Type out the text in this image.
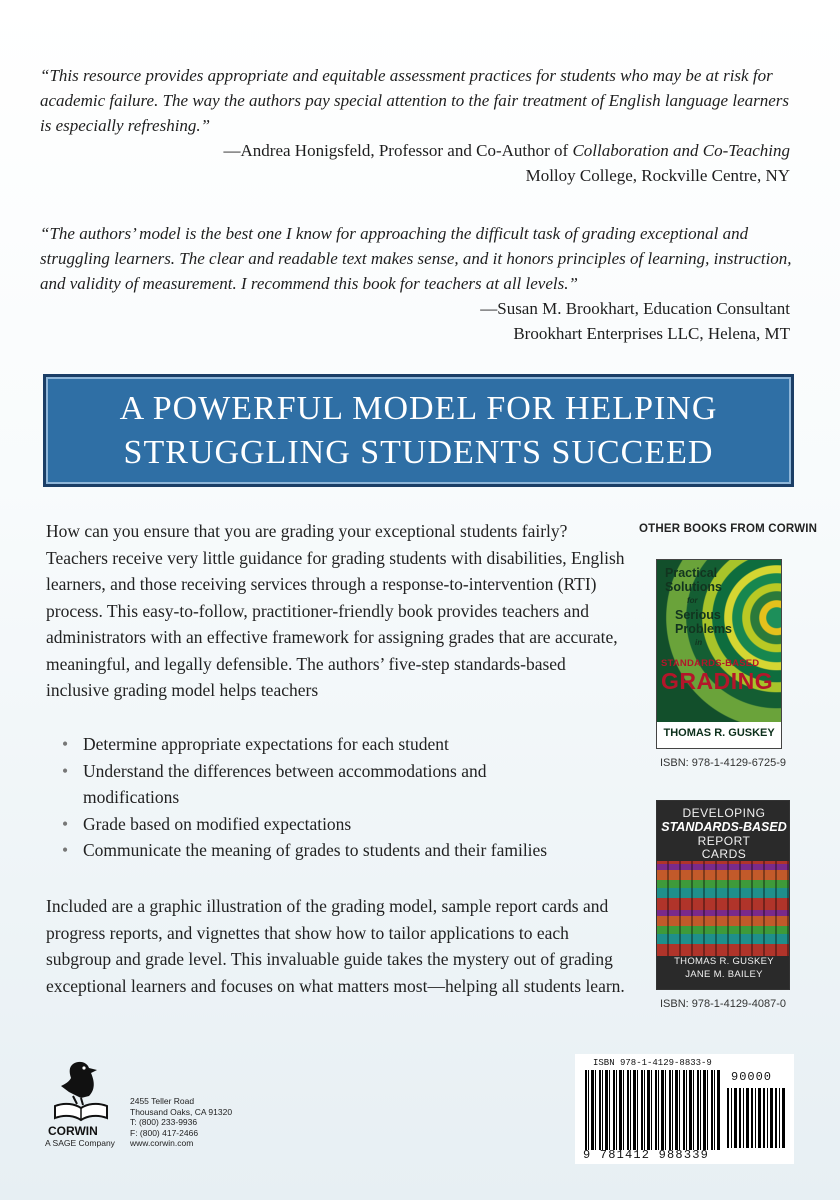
“This resource provides appropriate and equitable assessment practices for students who may be at risk for academic failure. The way the authors pay special attention to the fair treatment of English language learners is especially refreshing.”

—Andrea Honigsfeld, Professor and Co-Author of Collaboration and Co-Teaching
Molloy College, Rockville Centre, NY

“The authors’ model is the best one I know for approaching the difficult task of grading exceptional and struggling learners. The clear and readable text makes sense, and it honors principles of learning, instruction, and validity of measurement. I recommend this book for teachers at all levels.”

—Susan M. Brookhart, Education Consultant
Brookhart Enterprises LLC, Helena, MT
A POWERFUL MODEL FOR HELPING
STRUGGLING STUDENTS SUCCEED

How can you ensure that you are grading your exceptional students fairly? Teachers receive very little guidance for grading students with disabilities, English learners, and those receiving services through a response-to-intervention (RTI) process. This easy-to-follow, practitioner-friendly book provides teachers and administrators with an effective framework for assigning grades that are accurate, meaningful, and legally defensible. The authors’ five-step standards-based inclusive grading model helps teachers

• Determine appropriate expectations for each student
• Understand the differences between accommodations and modifications
• Grade based on modified expectations
• Communicate the meaning of grades to students and their families

Included are a graphic illustration of the grading model, sample report cards and progress reports, and vignettes that show how to tailor applications to each subgroup and grade level. This invaluable guide takes the mystery out of grading exceptional learners and focuses on what matters most—helping all students learn.

OTHER BOOKS FROM CORWIN
Practical
Solutions
for
Serious
Problems
in
STANDARDS-BASED
GRADING
THOMAS R. GUSKEY
ISBN: 978-1-4129-6725-9
DEVELOPING
STANDARDS-BASED
REPORT
CARDS
THOMAS R. GUSKEY
JANE M. BAILEY
ISBN: 978-1-4129-4087-0
CORWIN
A SAGE Company
2455 Teller Road
Thousand Oaks, CA 91320
T: (800) 233-9936
F: (800) 417-2466
www.corwin.com
ISBN 978-1-4129-8833-9
90000
9 781412 988339
